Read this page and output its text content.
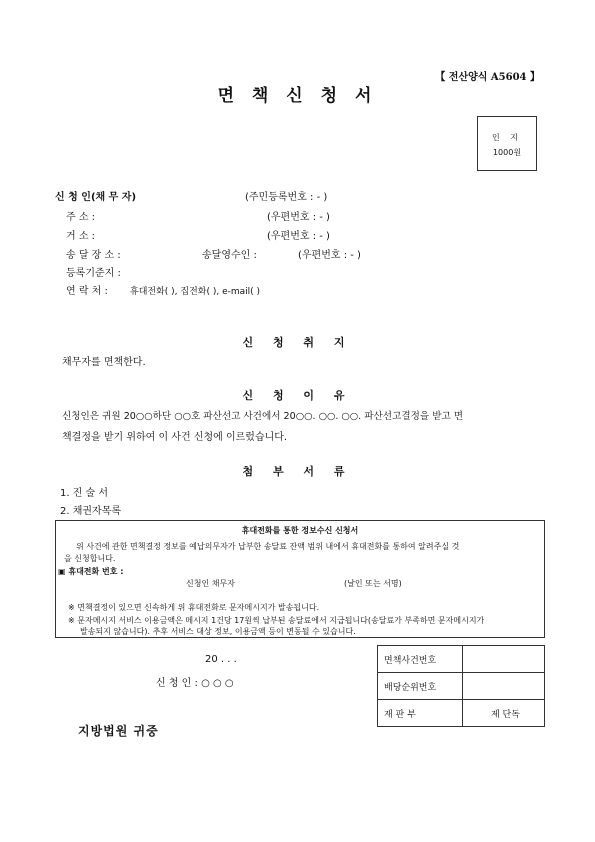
【 전산양식 A5604 】
면 책 신 청 서
인 지
1000원
신 청 인(채 무 자)	(주민등록번호 : - )
주 소 :	(우편번호 : - )
거 소 :	(우편번호 : - )
송 달 장 소 :	송달영수인 :	(우편번호 : - )
등록기준지 :
연 락 처 : 휴대전화( ), 집전화( ), e-mail( )
신 청 취 지
채무자를 면책한다.
신 청 이 유
신청인은 귀원 20○○하단 ○○호 파산선고 사건에서 20○○. ○○. ○○. 파산선고결정을 받고 면
책결정을 받기 위하여 이 사건 신청에 이르렀습니다.
첨 부 서 류
1. 진 술 서
2. 채권자목록
휴대전화를 통한 정보수신 신청서
위 사건에 관한 면책결정 정보를 예납의무자가 납부한 송달료 잔액 범위 내에서 휴대전화를 통하여 알려주실 것
을 신청합니다.
▣ 휴대전화 번호 :
신청인 채무자	(날인 또는 서명)
※ 면책결정이 있으면 신속하게 위 휴대전화로 문자메시지가 발송됩니다.
※ 문자메시지 서비스 이용금액은 메시지 1건당 17원씩 납부된 송달료에서 지급됩니다(송달료가 부족하면 문자메시지가
발송되지 않습니다). 추후 서비스 대상 정보, 이용금액 등이 변동될 수 있습니다.
20 . . .
신 청 인 : ○ ○ ○
면책사건번호	
배당순위번호	
재 판 부	제 단독
지방법원 귀중
